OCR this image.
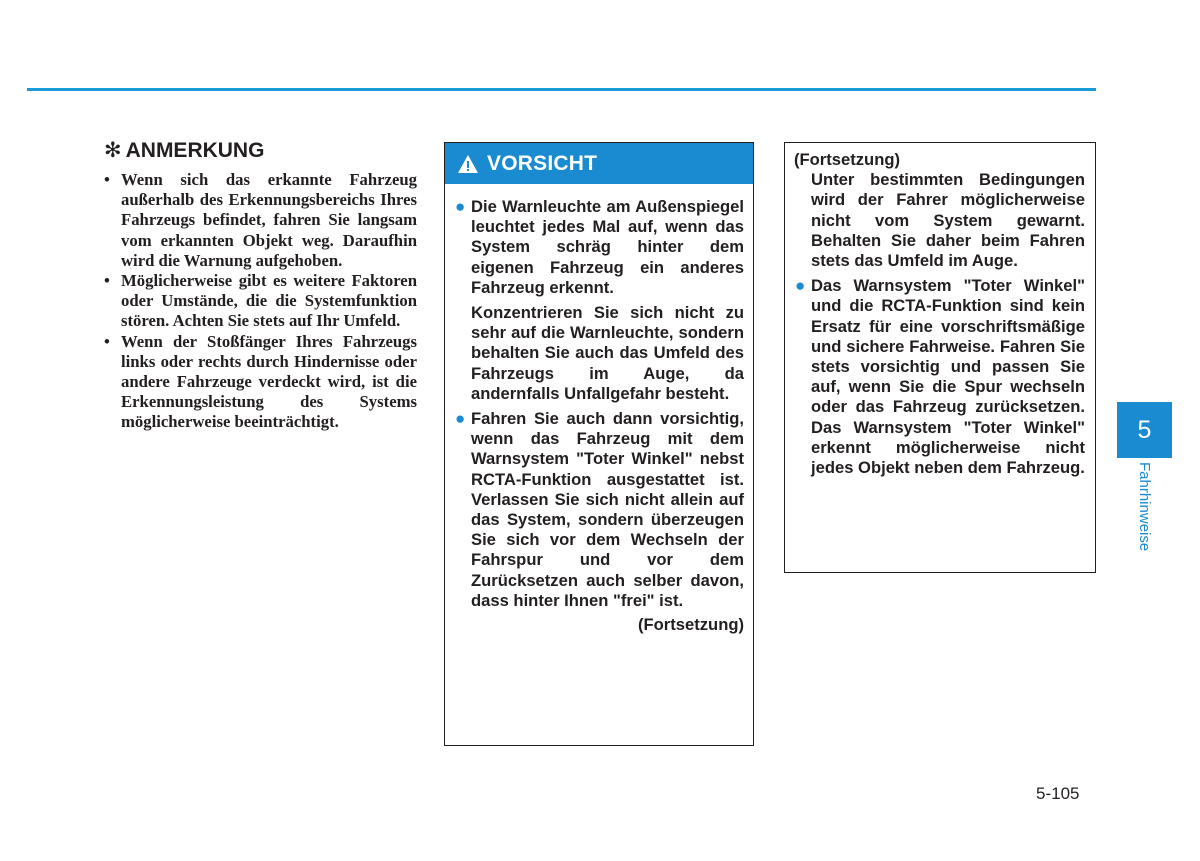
✻ ANMERKUNG
• Wenn sich das erkannte Fahrzeug außerhalb des Erkennungsbereichs Ihres Fahrzeugs befindet, fahren Sie langsam vom erkannten Objekt weg. Daraufhin wird die Warnung aufgehoben.
• Möglicherweise gibt es weitere Faktoren oder Umstände, die die Systemfunktion stören. Achten Sie stets auf Ihr Umfeld.
• Wenn der Stoßfänger Ihres Fahrzeugs links oder rechts durch Hindernisse oder andere Fahrzeuge verdeckt wird, ist die Erkennungsleistung des Systems möglicherweise beeinträchtigt.
VORSICHT
● Die Warnleuchte am Außenspiegel leuchtet jedes Mal auf, wenn das System schräg hinter dem eigenen Fahrzeug ein anderes Fahrzeug erkennt.

Konzentrieren Sie sich nicht zu sehr auf die Warnleuchte, sondern behalten Sie auch das Umfeld des Fahrzeugs im Auge, da andernfalls Unfallgefahr besteht.

● Fahren Sie auch dann vorsichtig, wenn das Fahrzeug mit dem Warnsystem "Toter Winkel" nebst RCTA-Funktion ausgestattet ist. Verlassen Sie sich nicht allein auf das System, sondern überzeugen Sie sich vor dem Wechseln der Fahrspur und vor dem Zurücksetzen auch selber davon, dass hinter Ihnen "frei" ist.

(Fortsetzung)

(Fortsetzung)

Unter bestimmten Bedingungen wird der Fahrer möglicherweise nicht vom System gewarnt. Behalten Sie daher beim Fahren stets das Umfeld im Auge.

● Das Warnsystem "Toter Winkel" und die RCTA-Funktion sind kein Ersatz für eine vorschriftsmäßige und sichere Fahrweise. Fahren Sie stets vorsichtig und passen Sie auf, wenn Sie die Spur wechseln oder das Fahrzeug zurücksetzen. Das Warnsystem "Toter Winkel" erkennt möglicherweise nicht jedes Objekt neben dem Fahrzeug.

5
Fahrhinweise
5-105
